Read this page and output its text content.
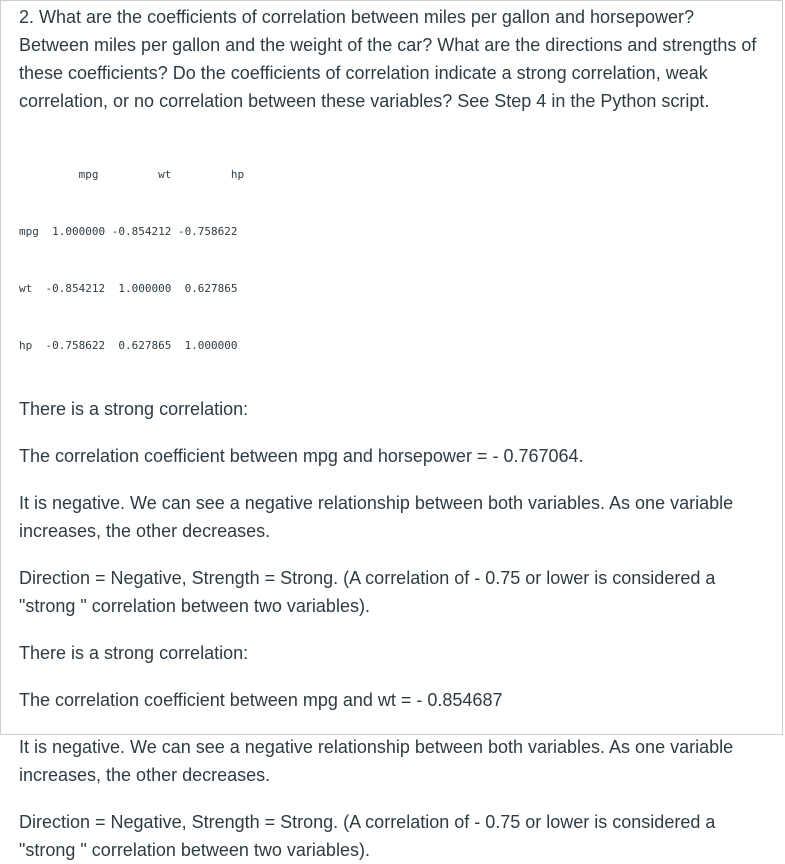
2. What are the coefficients of correlation between miles per gallon and horsepower? Between miles per gallon and the weight of the car? What are the directions and strengths of these coefficients? Do the coefficients of correlation indicate a strong correlation, weak correlation, or no correlation between these variables? See Step 4 in the Python script.

mpg         wt         hp

mpg  1.000000 -0.854212 -0.758622

wt  -0.854212  1.000000  0.627865

hp  -0.758622  0.627865  1.000000

There is a strong correlation:

The correlation coefficient between mpg and horsepower = - 0.767064.

It is negative. We can see a negative relationship between both variables. As one variable increases, the other decreases.

Direction = Negative, Strength = Strong. (A correlation of - 0.75 or lower is considered a "strong " correlation between two variables).

There is a strong correlation:

The correlation coefficient between mpg and wt = - 0.854687

It is negative. We can see a negative relationship between both variables. As one variable increases, the other decreases.

Direction = Negative, Strength = Strong. (A correlation of - 0.75 or lower is considered a "strong " correlation between two variables).
